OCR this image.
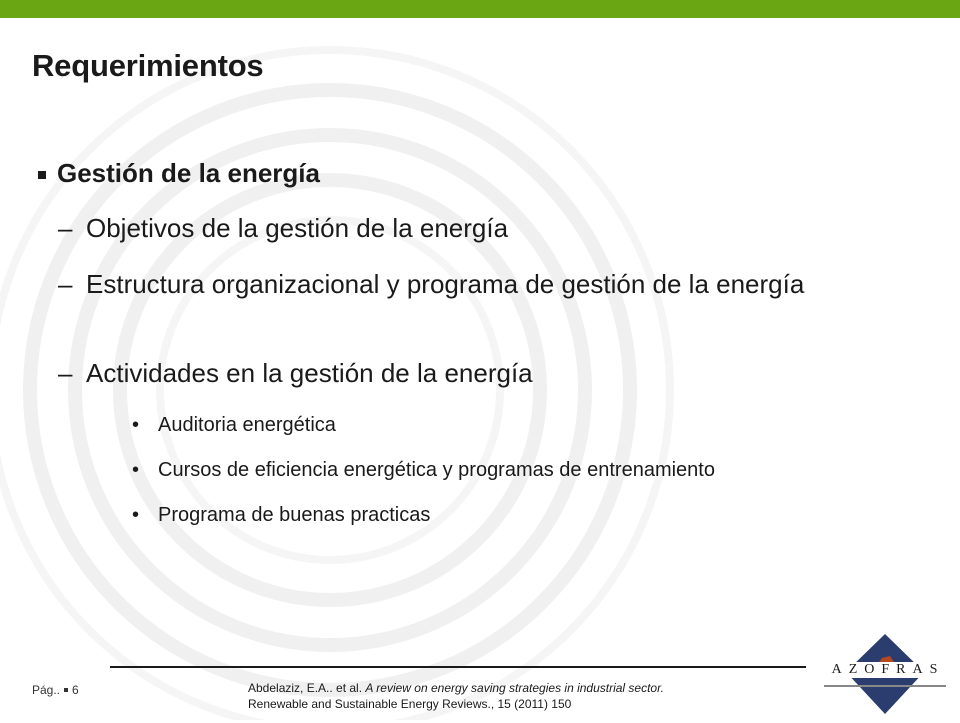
Requerimientos
Gestión de la energía
– Objetivos de la gestión de la energía
– Estructura organizacional y programa de gestión de la energía
– Actividades en la gestión de la energía
• Auditoria energética
• Cursos de eficiencia energética y programas de entrenamiento
• Programa de buenas practicas
Pág.. 6	Abdelaziz, E.A.. et al. A review on energy saving strategies in industrial sector.
Renewable and Sustainable Energy Reviews., 15 (2011) 150
AZOFRAS
